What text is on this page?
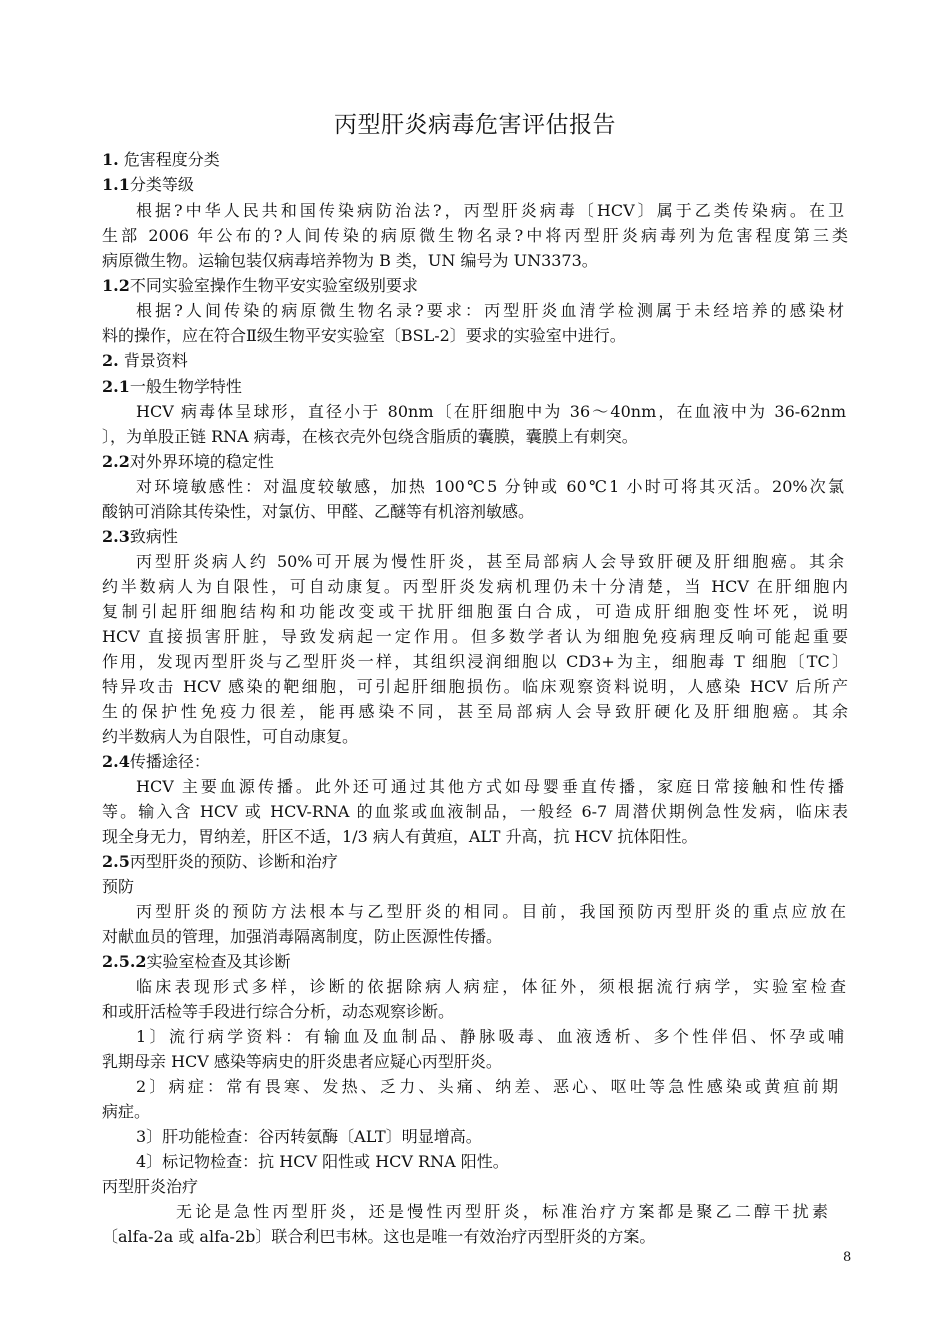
丙型肝炎病毒危害评估报告
1. 危害程度分类
1.1分类等级
根据?中华人民共和国传染病防治法?，丙型肝炎病毒〔HCV〕属于乙类传染病。在卫
生部 2006 年公布的?人间传染的病原微生物名录?中将丙型肝炎病毒列为危害程度第三类
病原微生物。运输包装仅病毒培养物为 B 类，UN 编号为 UN3373。
1.2不同实验室操作生物平安实验室级别要求
根据?人间传染的病原微生物名录?要求：丙型肝炎血清学检测属于未经培养的感染材
料的操作，应在符合Ⅱ级生物平安实验室〔BSL-2〕要求的实验室中进行。
2. 背景资料
2.1一般生物学特性
HCV 病毒体呈球形，直径小于 80nm〔在肝细胞中为 36～40nm，在血液中为 36-62nm
〕，为单股正链 RNA 病毒，在核衣壳外包绕含脂质的囊膜，囊膜上有刺突。
2.2对外界环境的稳定性
对环境敏感性：对温度较敏感，加热 100℃5 分钟或 60℃1 小时可将其灭活。20%次氯
酸钠可消除其传染性，对氯仿、甲醛、乙醚等有机溶剂敏感。
2.3致病性
丙型肝炎病人约 50%可开展为慢性肝炎，甚至局部病人会导致肝硬及肝细胞癌。其余
约半数病人为自限性，可自动康复。丙型肝炎发病机理仍未十分清楚，当 HCV 在肝细胞内
复制引起肝细胞结构和功能改变或干扰肝细胞蛋白合成，可造成肝细胞变性坏死，说明
HCV 直接损害肝脏，导致发病起一定作用。但多数学者认为细胞免疫病理反响可能起重要
作用，发现丙型肝炎与乙型肝炎一样，其组织浸润细胞以 CD3+为主，细胞毒 T 细胞〔TC〕
特异攻击 HCV 感染的靶细胞，可引起肝细胞损伤。临床观察资料说明，人感染 HCV 后所产
生的保护性免疫力很差，能再感染不同，甚至局部病人会导致肝硬化及肝细胞癌。其余
约半数病人为自限性，可自动康复。
2.4传播途径：
HCV 主要血源传播。此外还可通过其他方式如母婴垂直传播，家庭日常接触和性传播
等。输入含 HCV 或 HCV-RNA 的血浆或血液制品，一般经 6-7 周潜伏期例急性发病，临床表
现全身无力，胃纳差，肝区不适，1/3 病人有黄疸，ALT 升高，抗 HCV 抗体阳性。
2.5丙型肝炎的预防、诊断和治疗
预防
丙型肝炎的预防方法根本与乙型肝炎的相同。目前，我国预防丙型肝炎的重点应放在
对献血员的管理，加强消毒隔离制度，防止医源性传播。
2.5.2实验室检查及其诊断
临床表现形式多样，诊断的依据除病人病症，体征外，须根据流行病学，实验室检查
和或肝活检等手段进行综合分析，动态观察诊断。
1〕流行病学资料：有输血及血制品、静脉吸毒、血液透析、多个性伴侣、怀孕或哺
乳期母亲 HCV 感染等病史的肝炎患者应疑心丙型肝炎。
2〕病症：常有畏寒、发热、乏力、头痛、纳差、恶心、呕吐等急性感染或黄疸前期
病症。
3〕肝功能检查：谷丙转氨酶〔ALT〕明显增高。
4〕标记物检查：抗 HCV 阳性或 HCV RNA 阳性。
丙型肝炎治疗
无论是急性丙型肝炎，还是慢性丙型肝炎，标准治疗方案都是聚乙二醇干扰素
〔alfa-2a 或 alfa-2b〕联合利巴韦林。这也是唯一有效治疗丙型肝炎的方案。
8
